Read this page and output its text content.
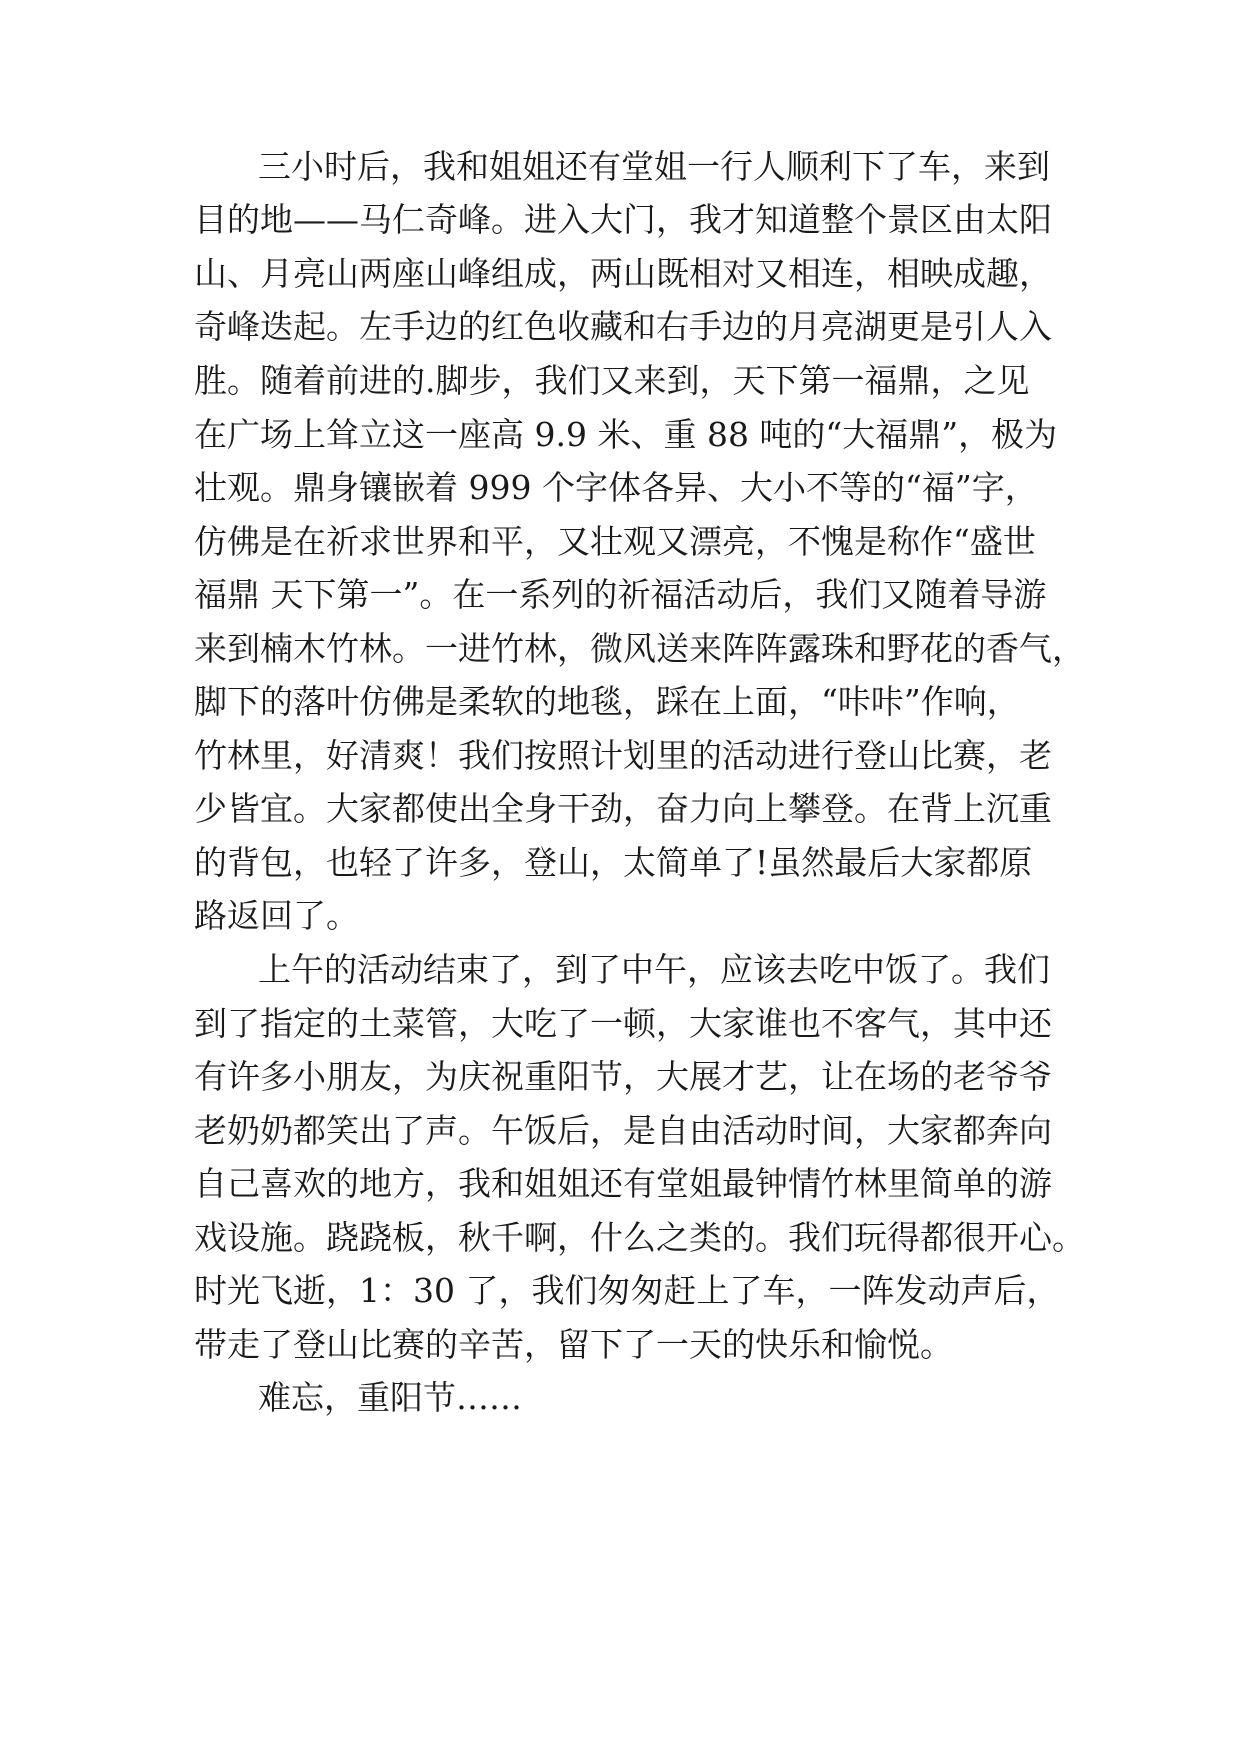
三小时后，我和姐姐还有堂姐一行人顺利下了车，来到
目的地——马仁奇峰。进入大门，我才知道整个景区由太阳
山、月亮山两座山峰组成，两山既相对又相连，相映成趣，
奇峰迭起。左手边的红色收藏和右手边的月亮湖更是引人入
胜。随着前进的.脚步，我们又来到，天下第一福鼎，之见
在广场上耸立这一座高 9.9 米、重 88 吨的“大福鼎”，极为
壮观。鼎身镶嵌着 999 个字体各异、大小不等的“福”字，
仿佛是在祈求世界和平，又壮观又漂亮，不愧是称作“盛世
福鼎 天下第一”。在一系列的祈福活动后，我们又随着导游
来到楠木竹林。一进竹林，微风送来阵阵露珠和野花的香气，
脚下的落叶仿佛是柔软的地毯，踩在上面，“咔咔”作响，
竹林里，好清爽！我们按照计划里的活动进行登山比赛，老
少皆宜。大家都使出全身干劲，奋力向上攀登。在背上沉重
的背包，也轻了许多，登山，太简单了!虽然最后大家都原
路返回了。
上午的活动结束了，到了中午，应该去吃中饭了。我们
到了指定的土菜管，大吃了一顿，大家谁也不客气，其中还
有许多小朋友，为庆祝重阳节，大展才艺，让在场的老爷爷
老奶奶都笑出了声。午饭后，是自由活动时间，大家都奔向
自己喜欢的地方，我和姐姐还有堂姐最钟情竹林里简单的游
戏设施。跷跷板，秋千啊，什么之类的。我们玩得都很开心。
时光飞逝，1：30 了，我们匆匆赶上了车，一阵发动声后，
带走了登山比赛的辛苦，留下了一天的快乐和愉悦。
难忘，重阳节……
